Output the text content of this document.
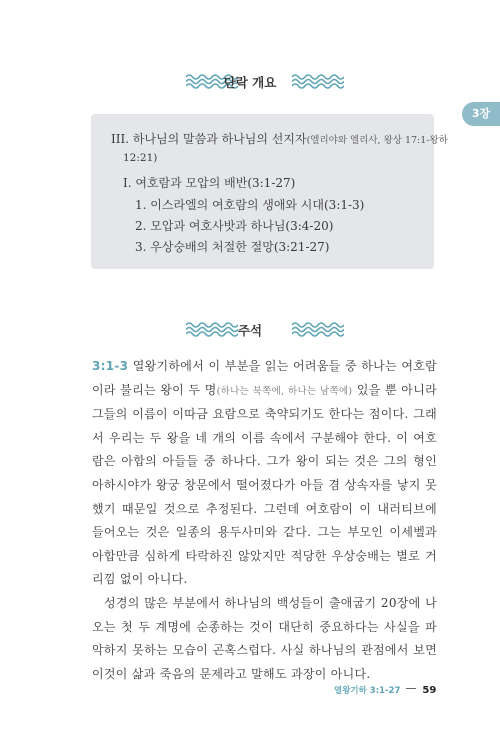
3장
단락 개요
III. 하나님의 말씀과 하나님의 선지자(엘리야와 엘리사, 왕상 17:1-왕하
12:21)
I. 여호람과 모압의 배반(3:1-27)
1. 이스라엘의 여호람의 생애와 시대(3:1-3)
2. 모압과 여호사밧과 하나님(3:4-20)
3. 우상숭배의 처절한 절망(3:21-27)
주석

3:1-3 열왕기하에서 이 부분을 읽는 어려움들 중 하나는 여호람이라 불리는 왕이 두 명(하나는 북쪽에, 하나는 남쪽에) 있을 뿐 아니라 그들의 이름이 이따금 요람으로 축약되기도 한다는 점이다. 그래서 우리는 두 왕을 네 개의 이름 속에서 구분해야 한다. 이 여호람은 아합의 아들들 중 하나다. 그가 왕이 되는 것은 그의 형인 아하시야가 왕궁 창문에서 떨어졌다가 아들 겸 상속자를 낳지 못했기 때문일 것으로 추정된다. 그런데 여호람이 이 내러티브에 들어오는 것은 일종의 용두사미와 같다. 그는 부모인 이세벨과 아합만큼 심하게 타락하진 않았지만 적당한 우상숭배는 별로 거리낌 없이 아니다.
성경의 많은 부분에서 하나님의 백성들이 출애굽기 20장에 나오는 첫 두 계명에 순종하는 것이 대단히 중요하다는 사실을 파악하지 못하는 모습이 곤혹스럽다. 사실 하나님의 관점에서 보면 이것이 삶과 죽음의 문제라고 말해도 과장이 아니다.

열왕기하 3:1-27 59
